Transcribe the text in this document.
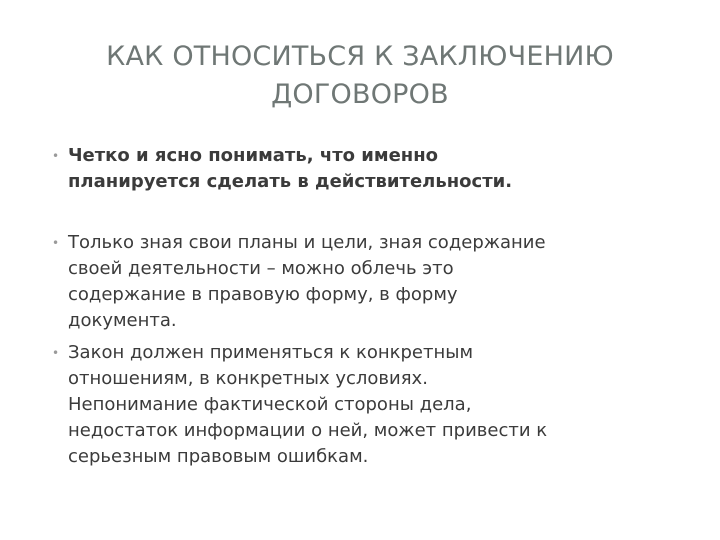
КАК ОТНОСИТЬСЯ К ЗАКЛЮЧЕНИЮ
ДОГОВОРОВ
• Четко и ясно понимать, что именно
планируется сделать в действительности.
• Только зная свои планы и цели, зная содержание
своей деятельности – можно облечь это
содержание в правовую форму, в форму
документа.
• Закон должен применяться к конкретным
отношениям, в конкретных условиях.
Непонимание фактической стороны дела,
недостаток информации о ней, может привести к
серьезным правовым ошибкам.
